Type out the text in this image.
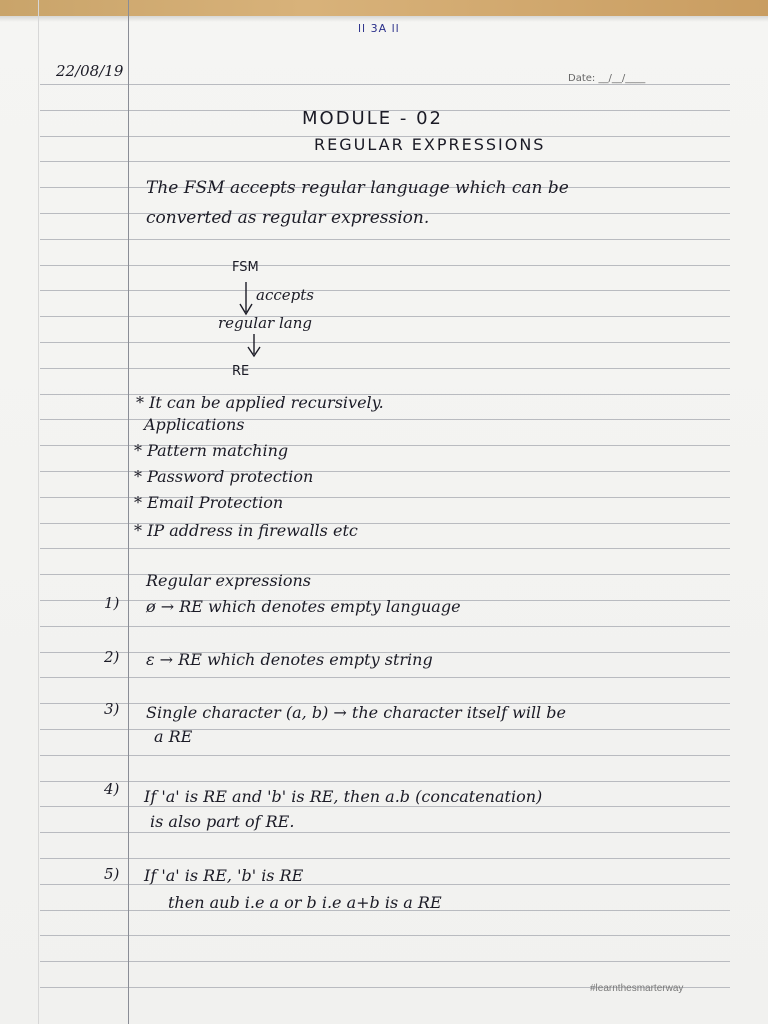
ll 3A ll
22/08/19	Date: __/__/____
MODULE - 02
REGULAR EXPRESSIONS
The FSM accepts regular language which can be
converted as regular expression.
FSM
accepts
regular lang
RE
* It can be applied recursively.
Applications
* Pattern matching
* Password protection
* Email Protection
* IP address in firewalls etc
Regular expressions
1) ø → RE which denotes empty language
2) ε → RE which denotes empty string
3) Single character (a, b) → the character itself will be
a RE
4) If 'a' is RE and 'b' is RE, then a.b (concatenation)
is also part of RE.
5) If 'a' is RE, 'b' is RE
then aub i.e a or b i.e a+b is a RE
#learnthesmarterway
